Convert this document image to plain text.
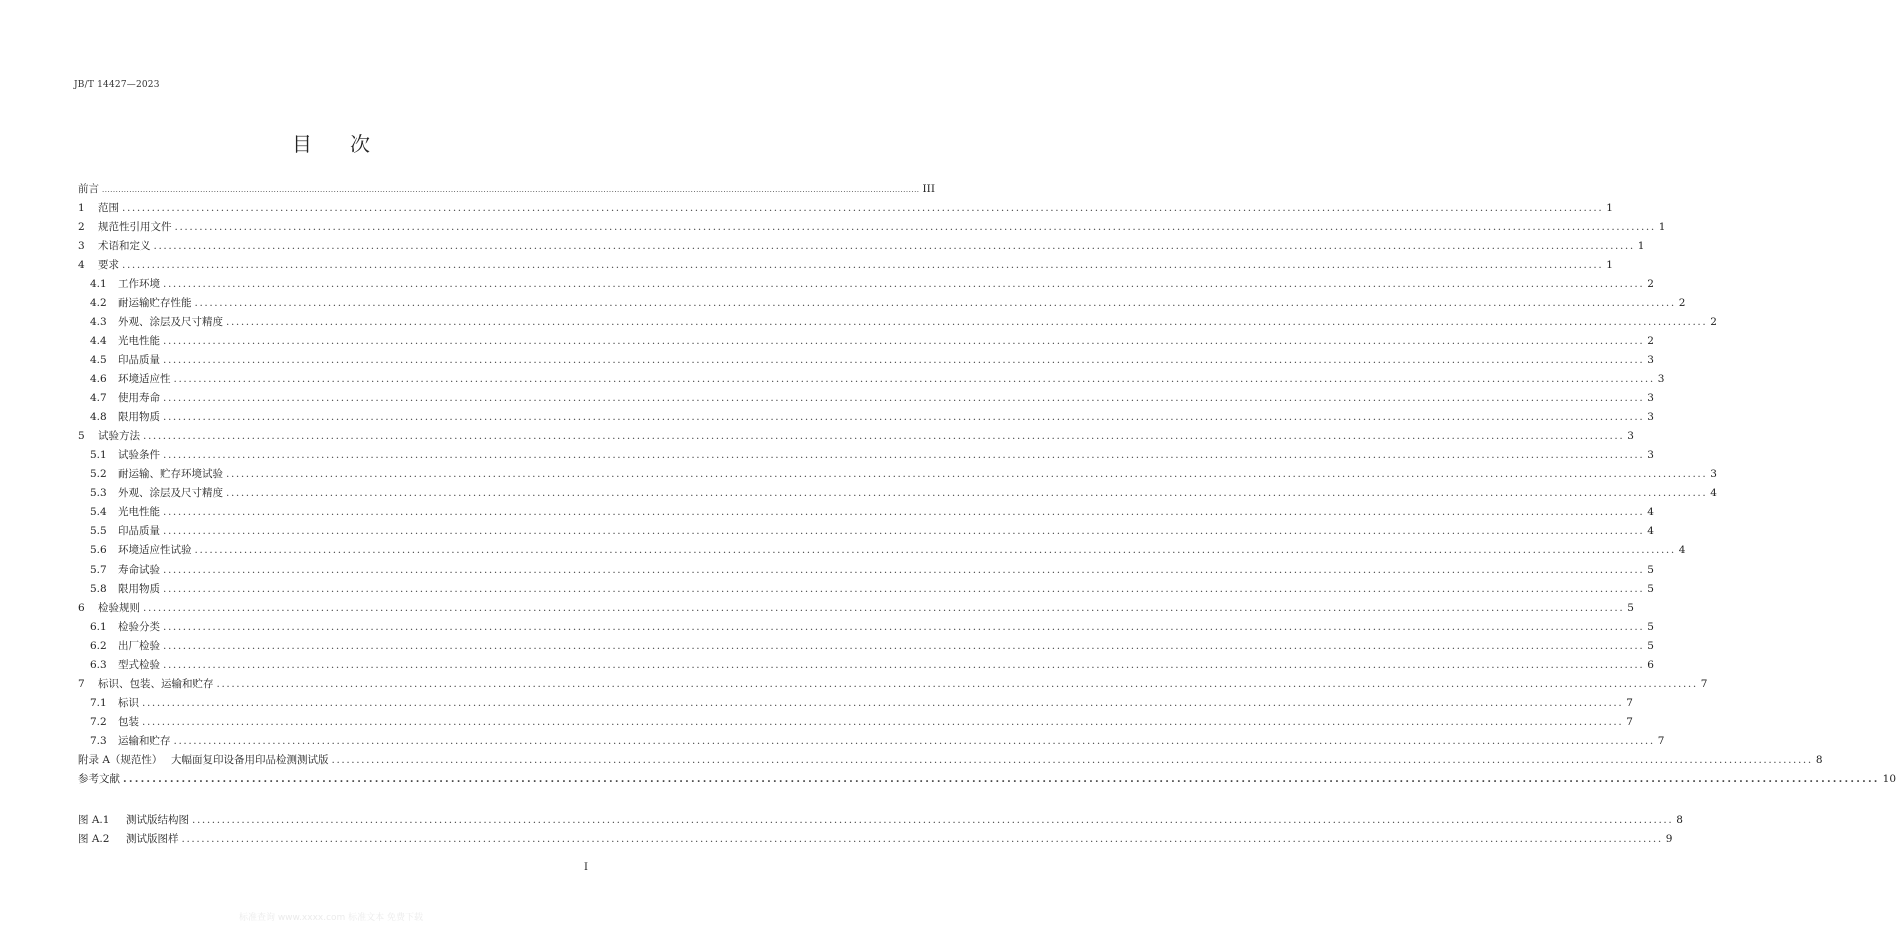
JB/T 14427—2023
目 次
前言 ............................................................................................................................................................................................................................................................................................................ III
1	范围 ............................................................................................................................................................................................................................................................................................................ 1
2	规范性引用文件 ............................................................................................................................................................................................................................................................................................................ 1
3	术语和定义 ............................................................................................................................................................................................................................................................................................................ 1
4	要求 ............................................................................................................................................................................................................................................................................................................ 1
4.1	工作环境 ............................................................................................................................................................................................................................................................................................................ 2
4.2	耐运输贮存性能 ............................................................................................................................................................................................................................................................................................................ 2
4.3	外观、涂层及尺寸精度 ............................................................................................................................................................................................................................................................................................................ 2
4.4	光电性能 ............................................................................................................................................................................................................................................................................................................ 2
4.5	印品质量 ............................................................................................................................................................................................................................................................................................................ 3
4.6	环境适应性 ............................................................................................................................................................................................................................................................................................................ 3
4.7	使用寿命 ............................................................................................................................................................................................................................................................................................................ 3
4.8	限用物质 ............................................................................................................................................................................................................................................................................................................ 3
5	试验方法 ............................................................................................................................................................................................................................................................................................................ 3
5.1	试验条件 ............................................................................................................................................................................................................................................................................................................ 3
5.2	耐运输、贮存环境试验 ............................................................................................................................................................................................................................................................................................................ 3
5.3	外观、涂层及尺寸精度 ............................................................................................................................................................................................................................................................................................................ 4
5.4	光电性能 ............................................................................................................................................................................................................................................................................................................ 4
5.5	印品质量 ............................................................................................................................................................................................................................................................................................................ 4
5.6	环境适应性试验 ............................................................................................................................................................................................................................................................................................................ 4
5.7	寿命试验 ............................................................................................................................................................................................................................................................................................................ 5
5.8	限用物质 ............................................................................................................................................................................................................................................................................................................ 5
6	检验规则 ............................................................................................................................................................................................................................................................................................................ 5
6.1	检验分类 ............................................................................................................................................................................................................................................................................................................ 5
6.2	出厂检验 ............................................................................................................................................................................................................................................................................................................ 5
6.3	型式检验 ............................................................................................................................................................................................................................................................................................................ 6
7	标识、包装、运输和贮存 ............................................................................................................................................................................................................................................................................................................ 7
7.1	标识 ............................................................................................................................................................................................................................................................................................................ 7
7.2	包装 ............................................................................................................................................................................................................................................................................................................ 7
7.3	运输和贮存 ............................................................................................................................................................................................................................................................................................................ 7
附录 A（规范性）　 大幅面复印设备用印品检测测试版 ............................................................................................................................................................................................................................................................................................................ 8
参考文献 ............................................................................................................................................................................................................................................................................................................ 10
图 A.1	测试版结构图 ............................................................................................................................................................................................................................................................................................................ 8
图 A.2	测试版图样 ............................................................................................................................................................................................................................................................................................................ 9
I
标准查询 www.xxxx.com 标准文本 免费下载
